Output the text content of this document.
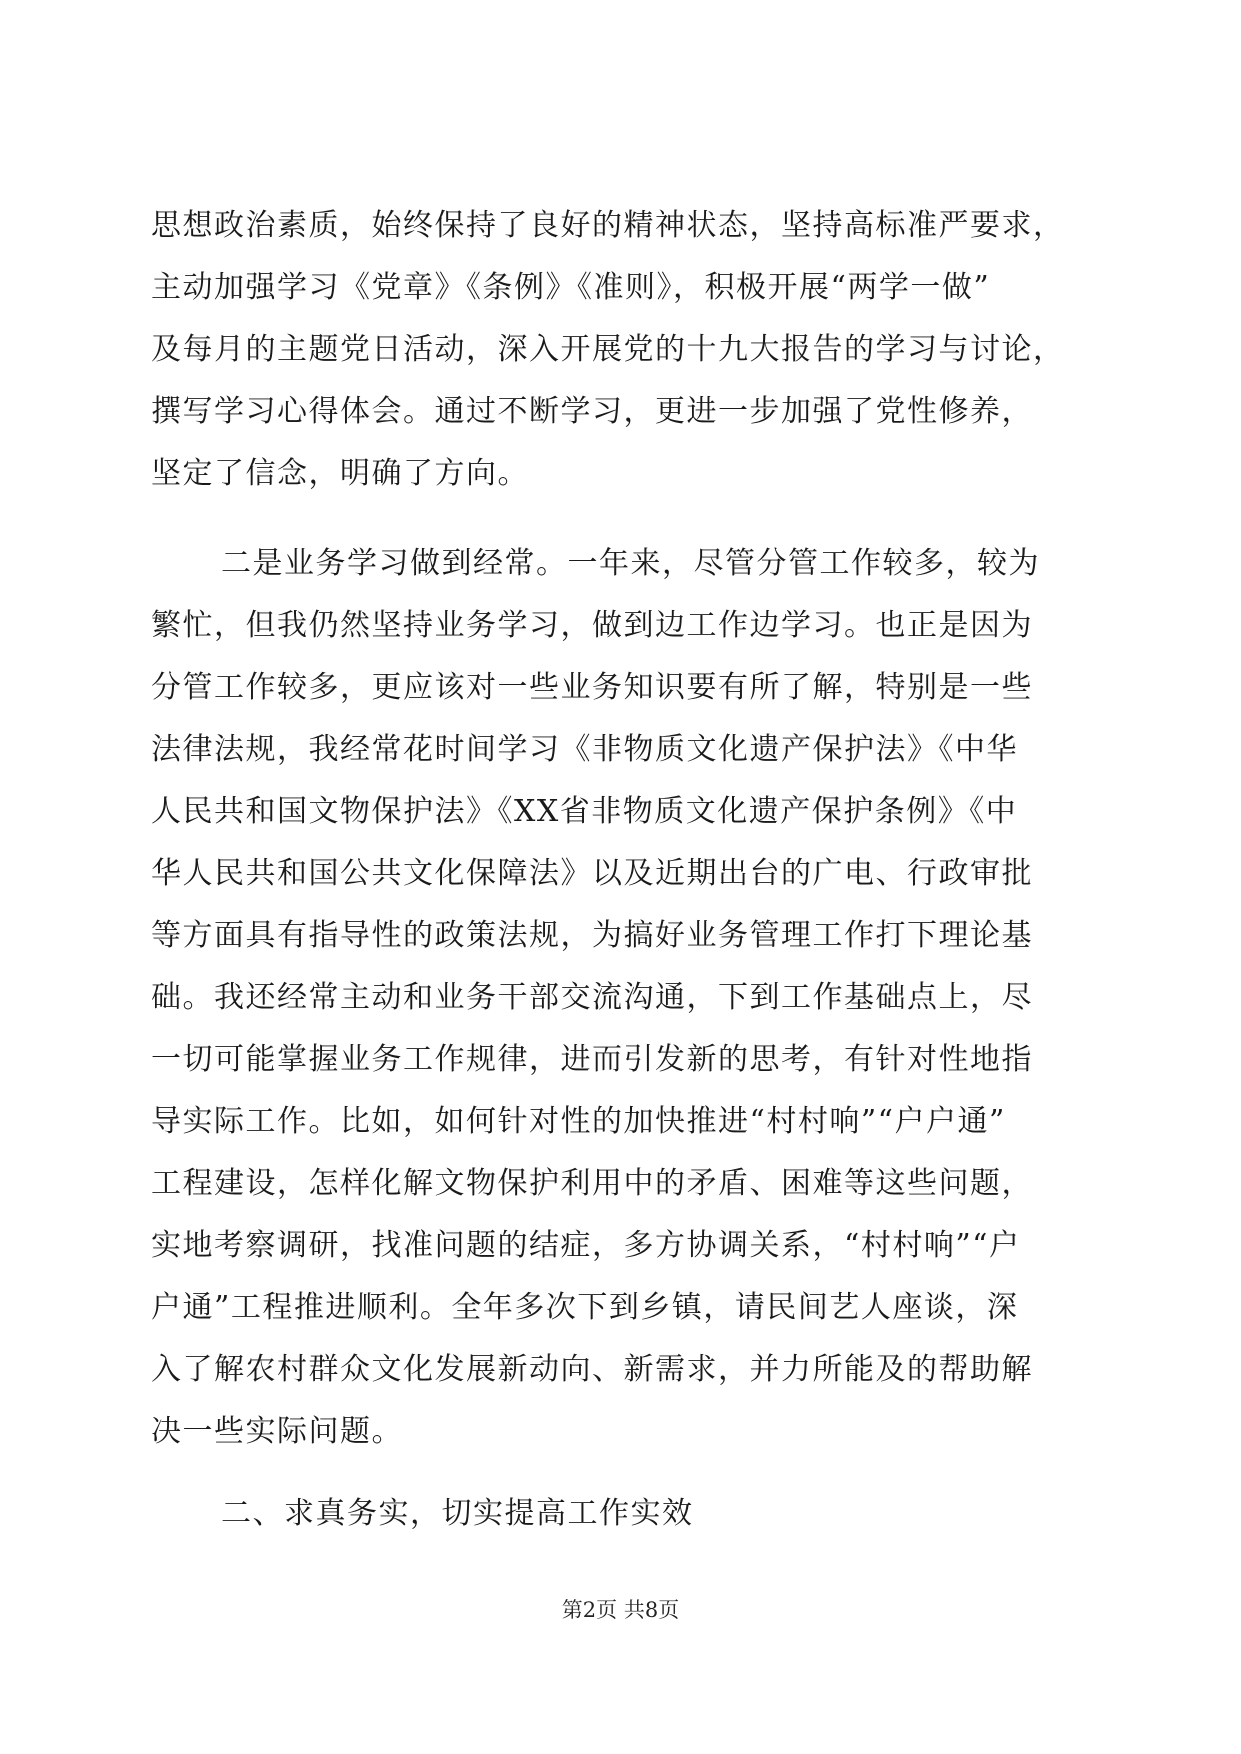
思想政治素质，始终保持了良好的精神状态，坚持高标准严要求，
主动加强学习《党章》《条例》《准则》，积极开展“两学一做”
及每月的主题党日活动，深入开展党的十九大报告的学习与讨论，
撰写学习心得体会。通过不断学习，更进一步加强了党性修养，
坚定了信念，明确了方向。
二是业务学习做到经常。一年来，尽管分管工作较多，较为
繁忙，但我仍然坚持业务学习，做到边工作边学习。也正是因为
分管工作较多，更应该对一些业务知识要有所了解，特别是一些
法律法规，我经常花时间学习《非物质文化遗产保护法》《中华
人民共和国文物保护法》《XX省非物质文化遗产保护条例》《中
华人民共和国公共文化保障法》以及近期出台的广电、行政审批
等方面具有指导性的政策法规，为搞好业务管理工作打下理论基
础。我还经常主动和业务干部交流沟通，下到工作基础点上，尽
一切可能掌握业务工作规律，进而引发新的思考，有针对性地指
导实际工作。比如，如何针对性的加快推进“村村响”“户户通”
工程建设，怎样化解文物保护利用中的矛盾、困难等这些问题，
实地考察调研，找准问题的结症，多方协调关系，“村村响”“户
户通”工程推进顺利。全年多次下到乡镇，请民间艺人座谈，深
入了解农村群众文化发展新动向、新需求，并力所能及的帮助解
决一些实际问题。
二、求真务实，切实提高工作实效
第2页 共8页
